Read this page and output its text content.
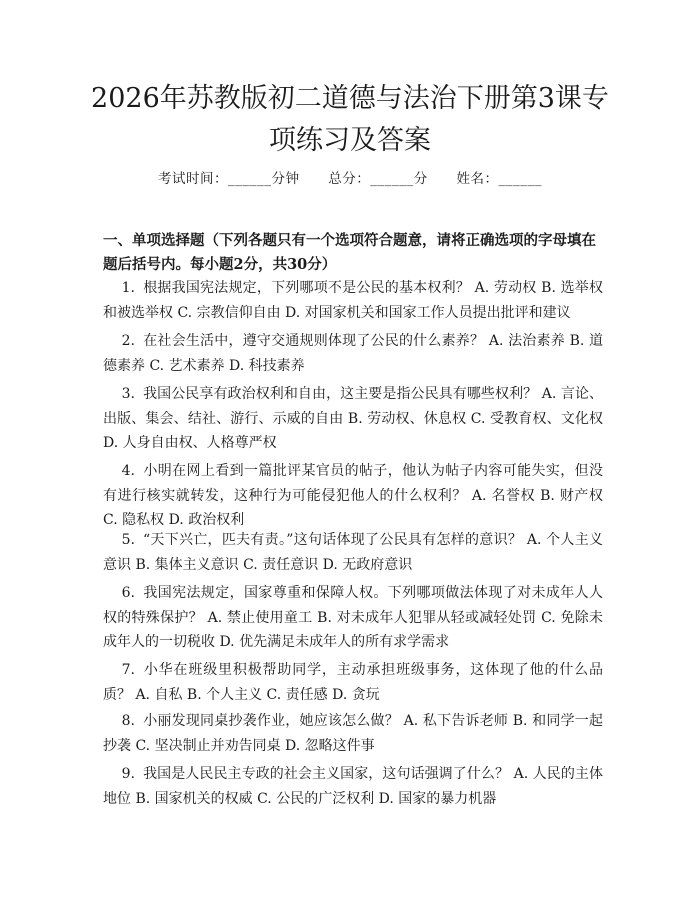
2026年苏教版初二道德与法治下册第3课专项练习及答案
考试时间：______分钟 总分：______分 姓名：______
一、单项选择题（下列各题只有一个选项符合题意，请将正确选项的字母填在题后括号内。每小题2分，共30分）
1. 根据我国宪法规定，下列哪项不是公民的基本权利？ A. 劳动权 B. 选举权和被选举权 C. 宗教信仰自由 D. 对国家机关和国家工作人员提出批评和建议
2. 在社会生活中，遵守交通规则体现了公民的什么素养？ A. 法治素养 B. 道德素养 C. 艺术素养 D. 科技素养
3. 我国公民享有政治权利和自由，这主要是指公民具有哪些权利？ A. 言论、出版、集会、结社、游行、示威的自由 B. 劳动权、休息权 C. 受教育权、文化权 D. 人身自由权、人格尊严权
4. 小明在网上看到一篇批评某官员的帖子，他认为帖子内容可能失实，但没有进行核实就转发，这种行为可能侵犯他人的什么权利？ A. 名誉权 B. 财产权 C. 隐私权 D. 政治权利
5. “天下兴亡，匹夫有责。”这句话体现了公民具有怎样的意识？ A. 个人主义意识 B. 集体主义意识 C. 责任意识 D. 无政府意识
6. 我国宪法规定，国家尊重和保障人权。下列哪项做法体现了对未成年人人权的特殊保护？ A. 禁止使用童工 B. 对未成年人犯罪从轻或减轻处罚 C. 免除未成年人的一切税收 D. 优先满足未成年人的所有求学需求
7. 小华在班级里积极帮助同学，主动承担班级事务，这体现了他的什么品质？ A. 自私 B. 个人主义 C. 责任感 D. 贪玩
8. 小丽发现同桌抄袭作业，她应该怎么做？ A. 私下告诉老师 B. 和同学一起抄袭 C. 坚决制止并劝告同桌 D. 忽略这件事
9. 我国是人民民主专政的社会主义国家，这句话强调了什么？ A. 人民的主体地位 B. 国家机关的权威 C. 公民的广泛权利 D. 国家的暴力机器
